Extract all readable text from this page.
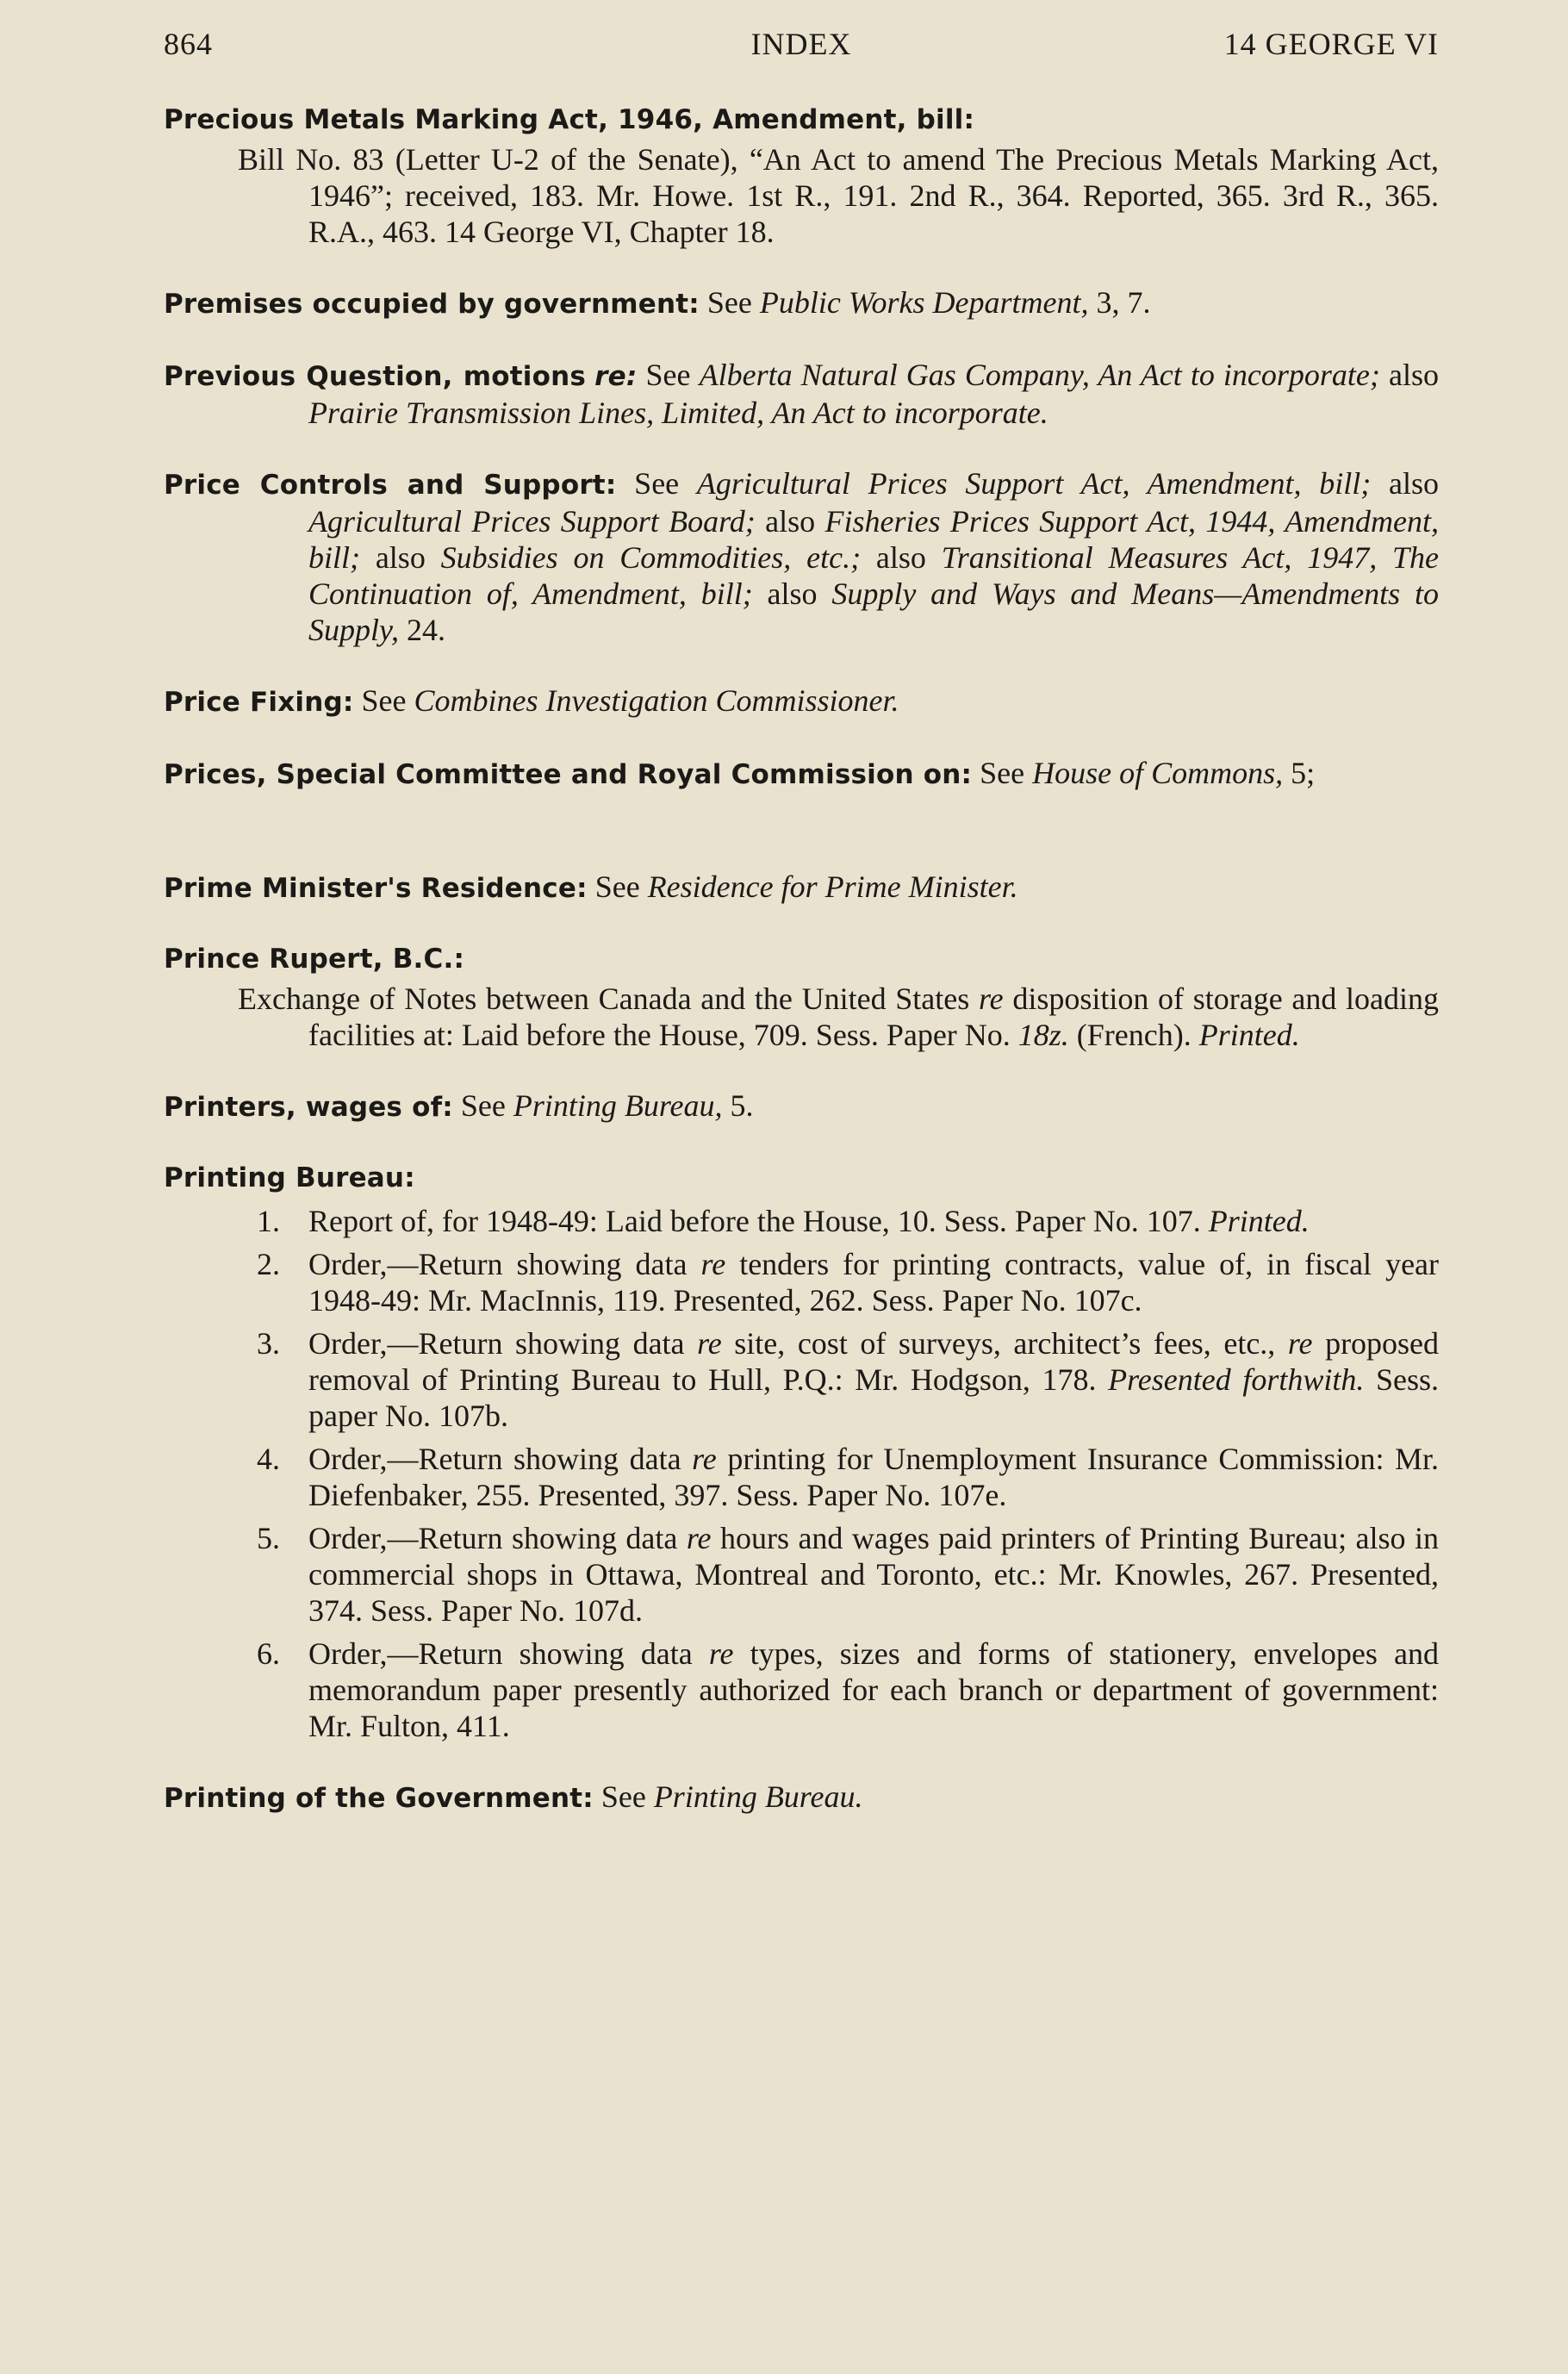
864	INDEX	14 GEORGE VI
Precious Metals Marking Act, 1946, Amendment, bill:
Bill No. 83 (Letter U-2 of the Senate), “An Act to amend The Precious Metals Marking Act, 1946”; received, 183. Mr. Howe. 1st R., 191. 2nd R., 364. Reported, 365. 3rd R., 365. R.A., 463. 14 George VI, Chapter 18.
Premises occupied by government: See Public Works Department, 3, 7.
Previous Question, motions re: See Alberta Natural Gas Company, An Act to incorporate; also Prairie Transmission Lines, Limited, An Act to incorporate.
Price Controls and Support: See Agricultural Prices Support Act, Amendment, bill; also Agricultural Prices Support Board; also Fisheries Prices Support Act, 1944, Amendment, bill; also Subsidies on Commodities, etc.; also Transitional Measures Act, 1947, The Continuation of, Amendment, bill; also Supply and Ways and Means—Amendments to Supply, 24.
Price Fixing: See Combines Investigation Commissioner.
Prices, Special Committee and Royal Commission on: See House of Commons, 5;
Prime Minister's Residence: See Residence for Prime Minister.
Prince Rupert, B.C.:
Exchange of Notes between Canada and the United States re disposition of storage and loading facilities at: Laid before the House, 709. Sess. Paper No. 18z. (French). Printed.
Printers, wages of: See Printing Bureau, 5.
Printing Bureau:
1. Report of, for 1948-49: Laid before the House, 10. Sess. Paper No. 107. Printed.
2. Order,—Return showing data re tenders for printing contracts, value of, in fiscal year 1948-49: Mr. MacInnis, 119. Presented, 262. Sess. Paper No. 107c.
3. Order,—Return showing data re site, cost of surveys, architect’s fees, etc., re proposed removal of Printing Bureau to Hull, P.Q.: Mr. Hodgson, 178. Presented forthwith. Sess. paper No. 107b.
4. Order,—Return showing data re printing for Unemployment Insurance Commission: Mr. Diefenbaker, 255. Presented, 397. Sess. Paper No. 107e.
5. Order,—Return showing data re hours and wages paid printers of Printing Bureau; also in commercial shops in Ottawa, Montreal and Toronto, etc.: Mr. Knowles, 267. Presented, 374. Sess. Paper No. 107d.
6. Order,—Return showing data re types, sizes and forms of stationery, envelopes and memorandum paper presently authorized for each branch or department of government: Mr. Fulton, 411.
Printing of the Government: See Printing Bureau.
